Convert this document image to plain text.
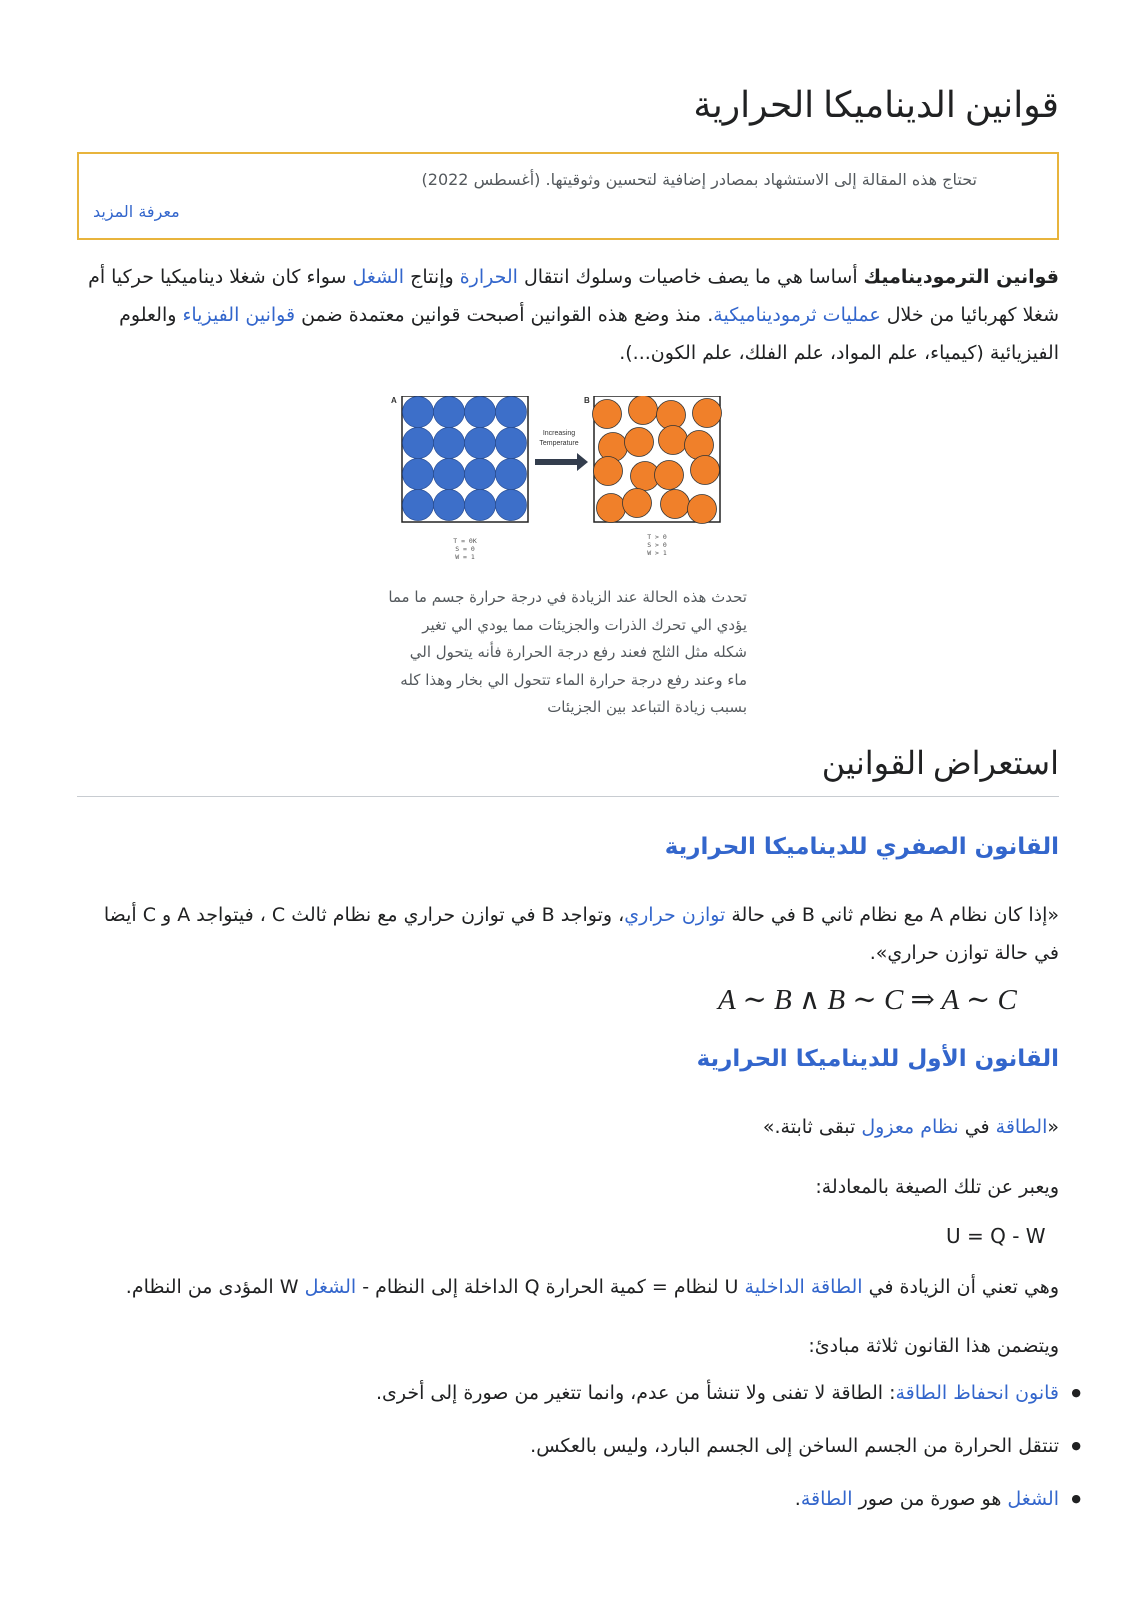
قوانين الديناميكا الحرارية
تحتاج هذه المقالة إلى الاستشهاد بمصادر إضافية لتحسين وثوقيتها. (أغسطس 2022)
معرفة المزيد

قوانين الترمودیناميك أساسا هي ما يصف خاصيات وسلوك انتقال الحرارة وإنتاج الشغل سواء كان شغلا ديناميكيا حركيا أم شغلا كهربائيا من خلال عمليات ثرموديناميكية. منذ وضع هذه القوانين أصبحت قوانين معتمدة ضمن قوانين الفيزياء والعلوم الفيزيائية (كيمياء، علم المواد، علم الفلك، علم الكون...).

A	B
Increasing
Temperature
T = 0K
S = 0
W = 1
T > 0
S > 0
W > 1

تحدث هذه الحالة عند الزيادة في درجة حرارة جسم ما مما يؤدي الي تحرك الذرات والجزيئات مما يودي الي تغير شكله مثل الثلج فعند رفع درجة الحرارة فأنه يتحول الي ماء وعند رفع درجة حرارة الماء تتحول الي بخار وهذا كله بسبب زيادة التباعد بين الجزيئات

استعراض القوانين
القانون الصفري للديناميكا الحرارية

«إذا كان نظام A مع نظام ثاني B في حالة توازن حراري، وتواجد B في توازن حراري مع نظام ثالث C ، فيتواجد A و C أيضا في حالة توازن حراري».

A ∼ B ∧ B ∼ C ⇒ A ∼ C
القانون الأول للديناميكا الحرارية

«الطاقة في نظام معزول تبقى ثابتة.»

ويعبر عن تلك الصيغة بالمعادلة:

U = Q - W

وهي تعني أن الزيادة في الطاقة الداخلية U لنظام = كمية الحرارة Q الداخلة إلى النظام - الشغل W المؤدى من النظام.

ويتضمن هذا القانون ثلاثة مبادئ:

● قانون انحفاظ الطاقة: الطاقة لا تفنى ولا تنشأ من عدم، وانما تتغير من صورة إلى أخرى.
● تنتقل الحرارة من الجسم الساخن إلى الجسم البارد، وليس بالعكس.
● الشغل هو صورة من صور الطاقة.
